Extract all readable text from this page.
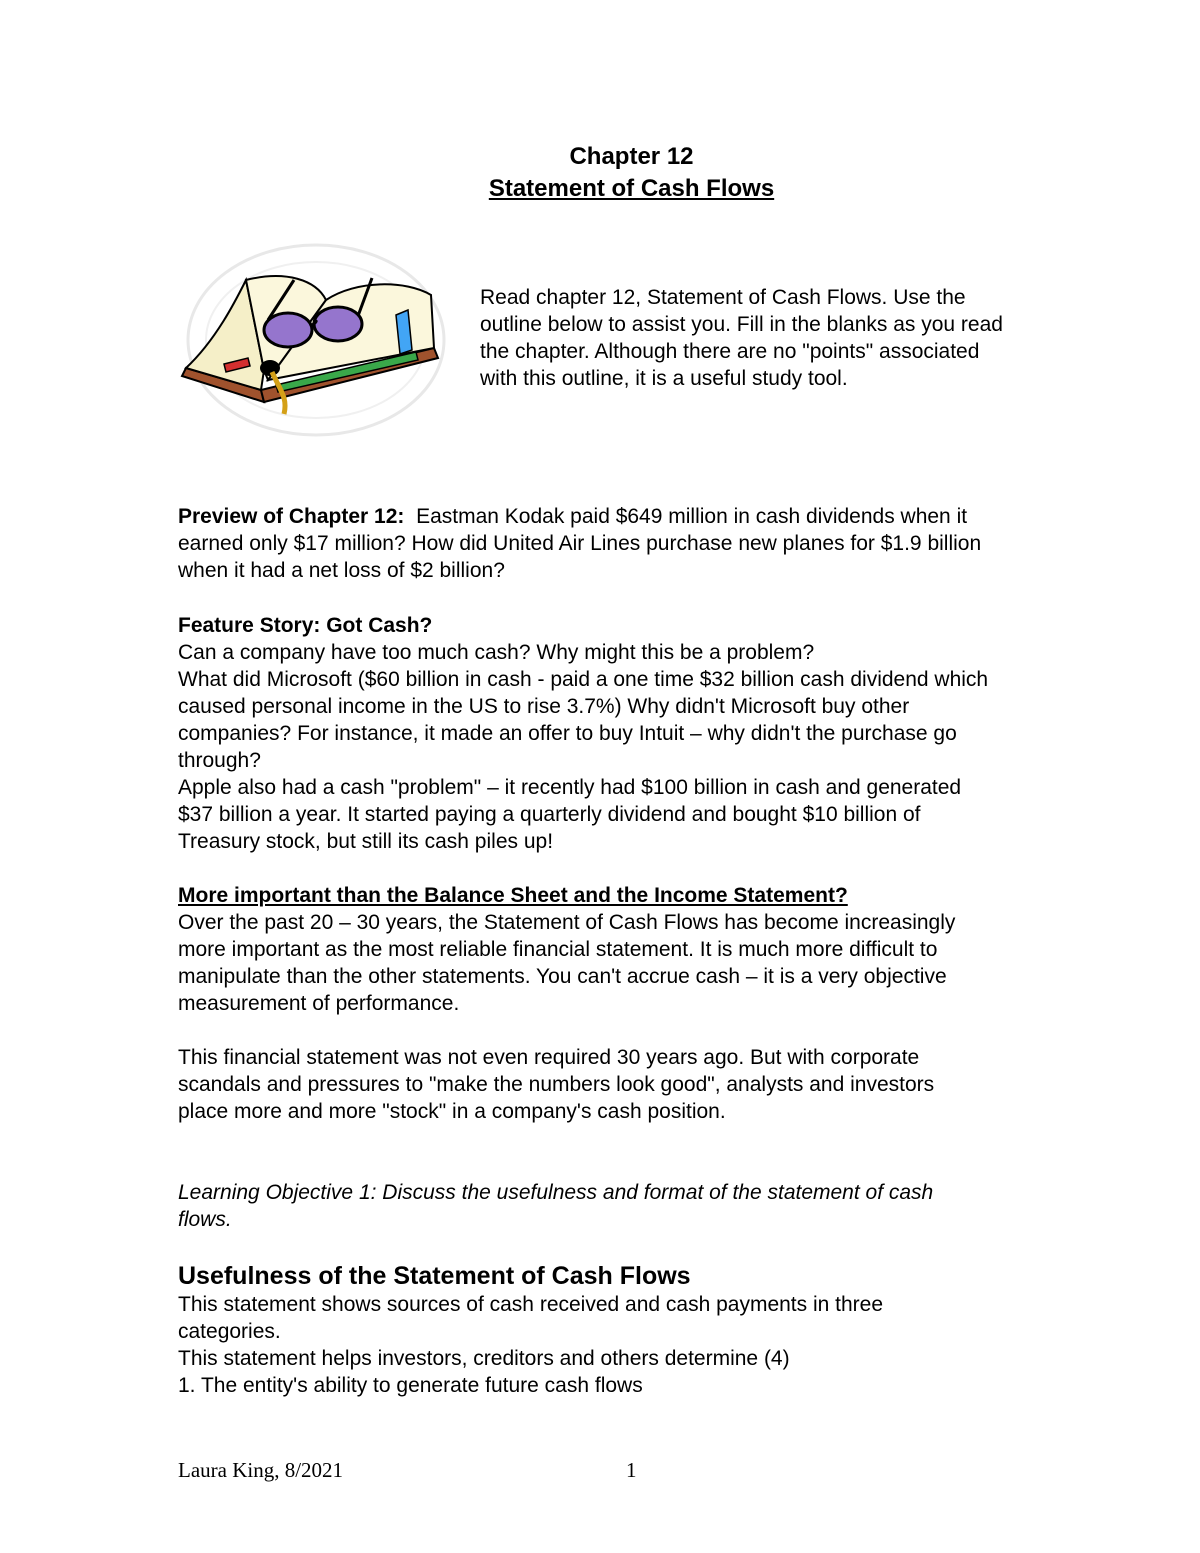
Chapter 12
Statement of Cash Flows

Read chapter 12, Statement of Cash Flows. Use the

outline below to assist you. Fill in the blanks as you read

the chapter. Although there are no "points" associated

with this outline, it is a useful study tool.

Preview of Chapter 12: Eastman Kodak paid $649 million in cash dividends when it

earned only $17 million? How did United Air Lines purchase new planes for $1.9 billion

when it had a net loss of $2 billion?

Feature Story: Got Cash?

Can a company have too much cash? Why might this be a problem?

What did Microsoft ($60 billion in cash - paid a one time $32 billion cash dividend which

caused personal income in the US to rise 3.7%) Why didn't Microsoft buy other

companies? For instance, it made an offer to buy Intuit – why didn't the purchase go

through?

Apple also had a cash "problem" – it recently had $100 billion in cash and generated

$37 billion a year. It started paying a quarterly dividend and bought $10 billion of

Treasury stock, but still its cash piles up!

More important than the Balance Sheet and the Income Statement?

Over the past 20 – 30 years, the Statement of Cash Flows has become increasingly

more important as the most reliable financial statement. It is much more difficult to

manipulate than the other statements. You can't accrue cash – it is a very objective

measurement of performance.

This financial statement was not even required 30 years ago. But with corporate

scandals and pressures to "make the numbers look good", analysts and investors

place more and more "stock" in a company's cash position.

Learning Objective 1: Discuss the usefulness and format of the statement of cash

flows.

Usefulness of the Statement of Cash Flows

This statement shows sources of cash received and cash payments in three

categories.

This statement helps investors, creditors and others determine (4)

1. The entity's ability to generate future cash flows

Laura King, 8/2021	1
